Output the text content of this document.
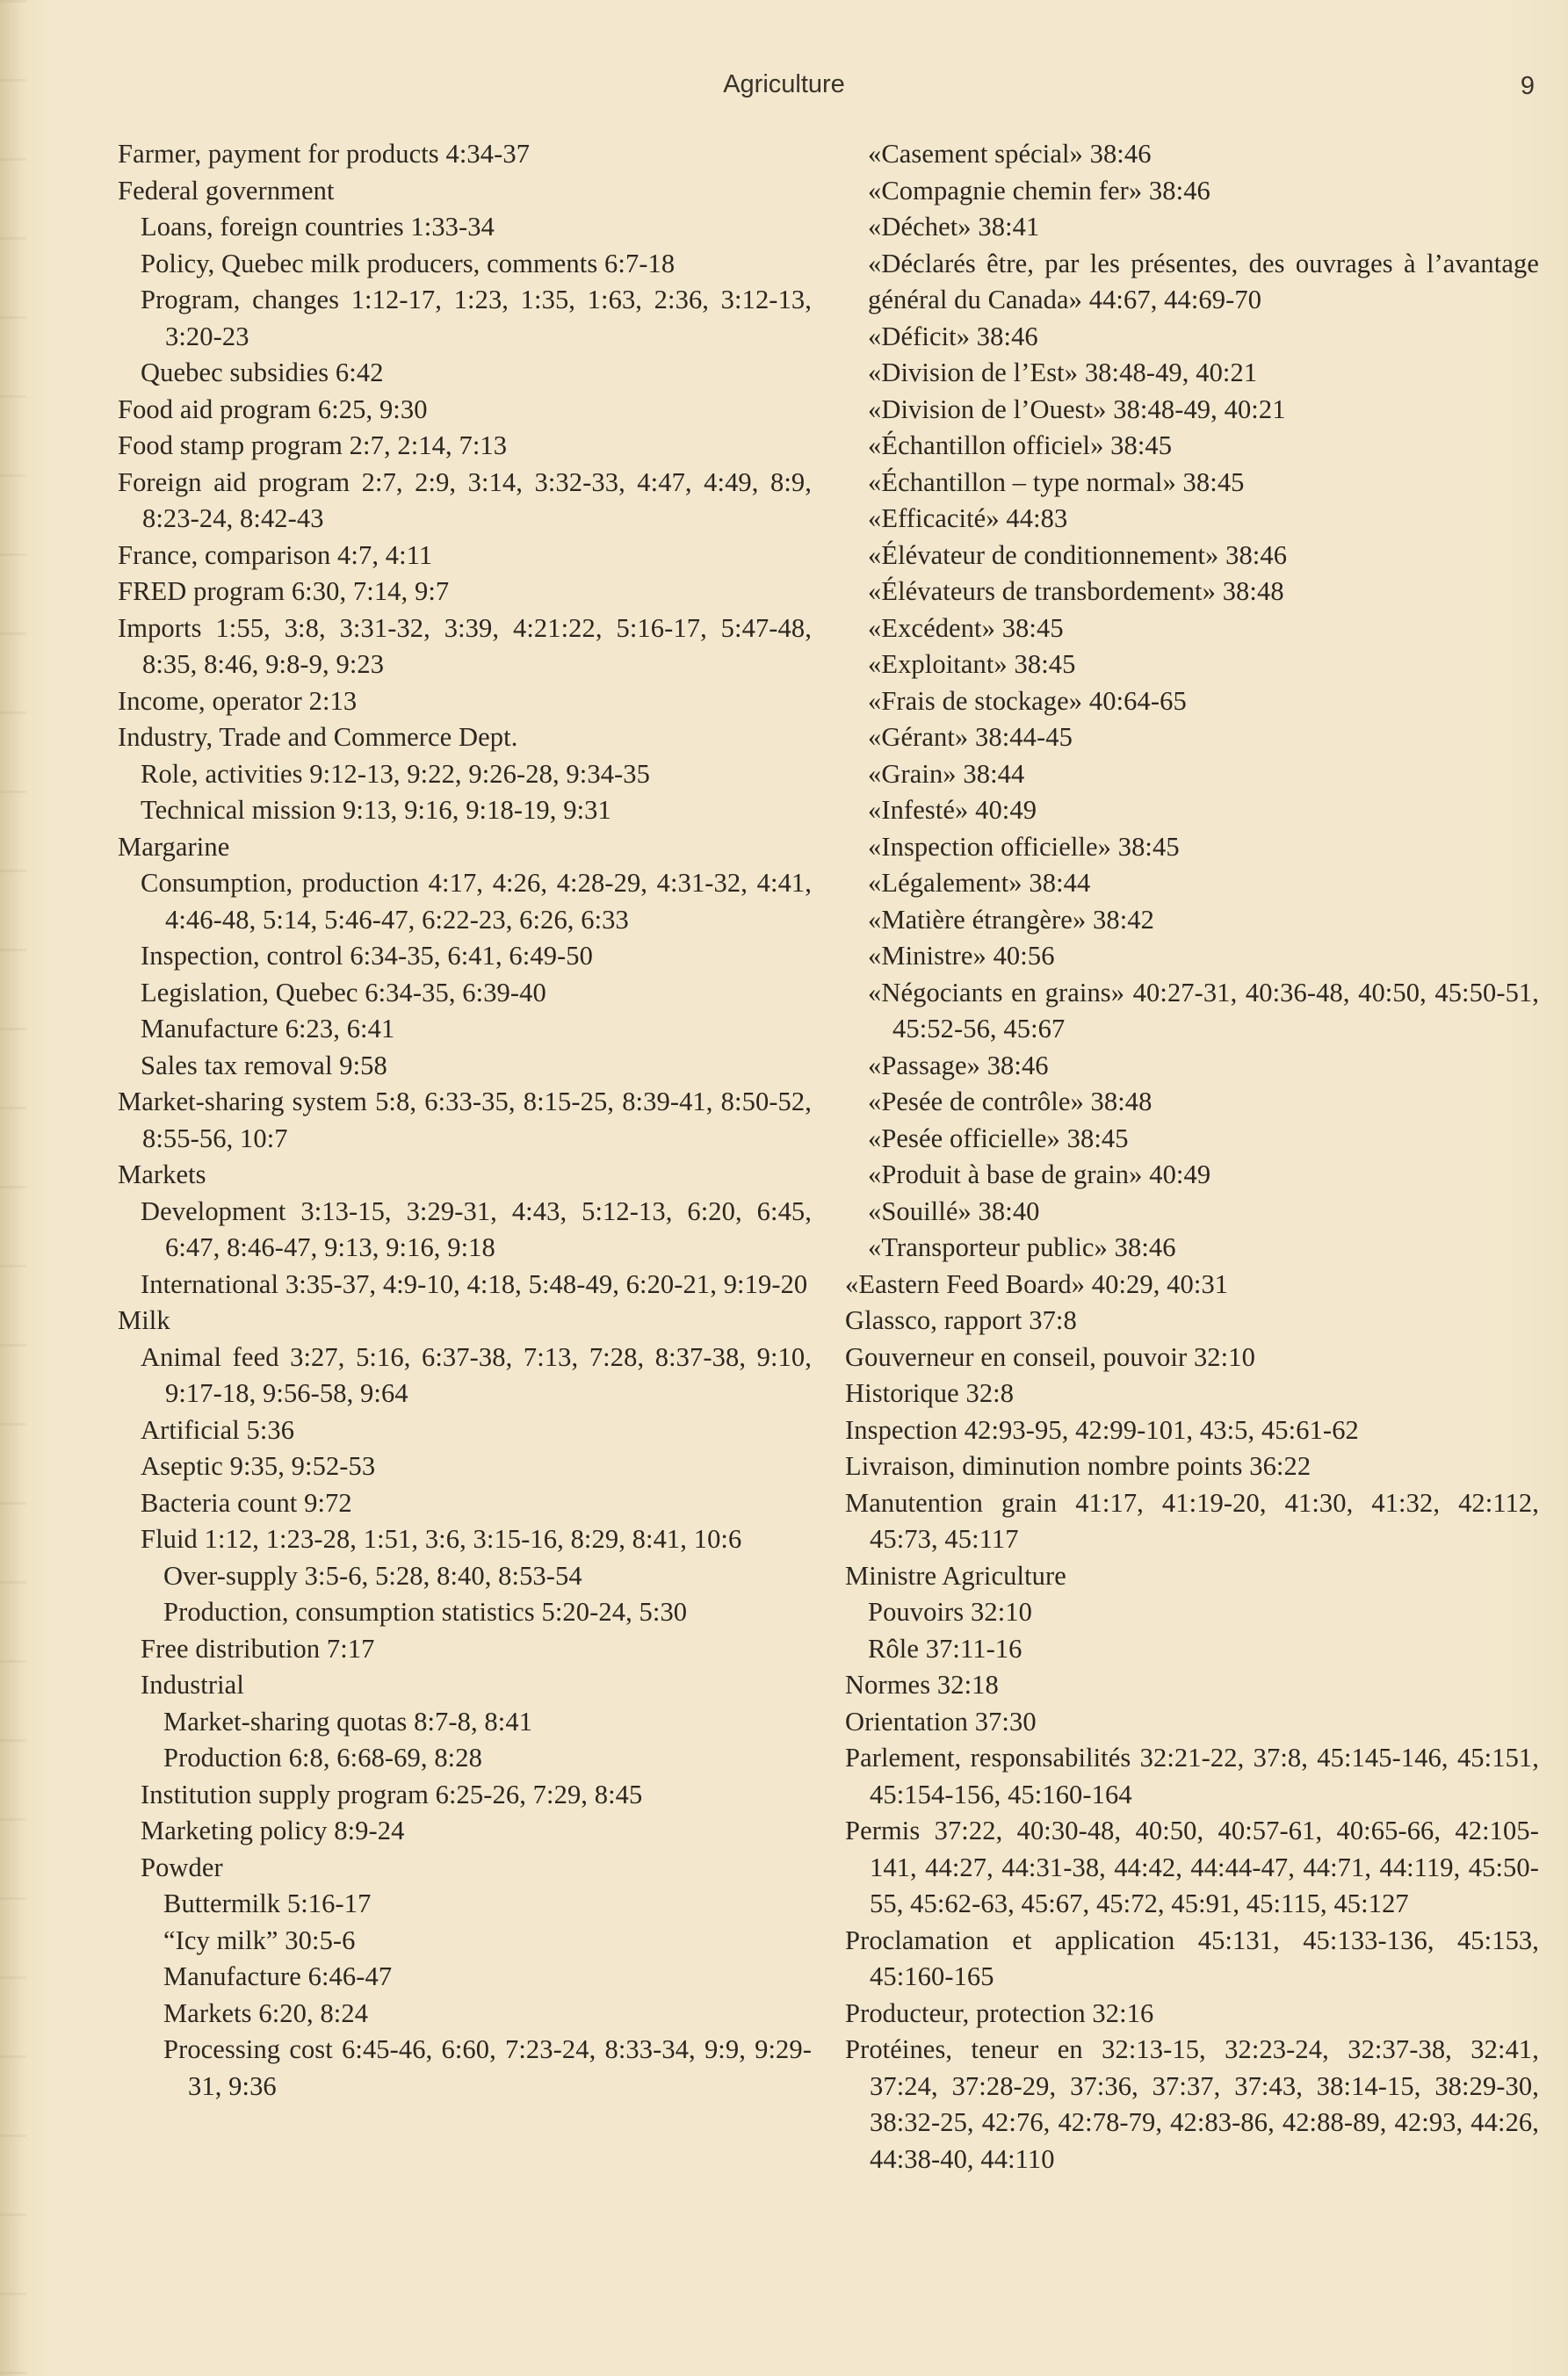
Agriculture	9
Farmer, payment for products 4:34-37
Federal government
Loans, foreign countries 1:33-34
Policy, Quebec milk producers, comments 6:7-18
Program, changes 1:12-17, 1:23, 1:35, 1:63, 2:36, 3:12-13, 3:20-23
Quebec subsidies 6:42
Food aid program 6:25, 9:30
Food stamp program 2:7, 2:14, 7:13
Foreign aid program 2:7, 2:9, 3:14, 3:32-33, 4:47, 4:49, 8:9, 8:23-24, 8:42-43
France, comparison 4:7, 4:11
FRED program 6:30, 7:14, 9:7
Imports 1:55, 3:8, 3:31-32, 3:39, 4:21:22, 5:16-17, 5:47-48, 8:35, 8:46, 9:8-9, 9:23
Income, operator 2:13
Industry, Trade and Commerce Dept.
Role, activities 9:12-13, 9:22, 9:26-28, 9:34-35
Technical mission 9:13, 9:16, 9:18-19, 9:31
Margarine
Consumption, production 4:17, 4:26, 4:28-29, 4:31-32, 4:41, 4:46-48, 5:14, 5:46-47, 6:22-23, 6:26, 6:33
Inspection, control 6:34-35, 6:41, 6:49-50
Legislation, Quebec 6:34-35, 6:39-40
Manufacture 6:23, 6:41
Sales tax removal 9:58
Market-sharing system 5:8, 6:33-35, 8:15-25, 8:39-41, 8:50-52, 8:55-56, 10:7
Markets
Development 3:13-15, 3:29-31, 4:43, 5:12-13, 6:20, 6:45, 6:47, 8:46-47, 9:13, 9:16, 9:18
International 3:35-37, 4:9-10, 4:18, 5:48-49, 6:20-21, 9:19-20
Milk
Animal feed 3:27, 5:16, 6:37-38, 7:13, 7:28, 8:37-38, 9:10, 9:17-18, 9:56-58, 9:64
Artificial 5:36
Aseptic 9:35, 9:52-53
Bacteria count 9:72
Fluid 1:12, 1:23-28, 1:51, 3:6, 3:15-16, 8:29, 8:41, 10:6
Over-supply 3:5-6, 5:28, 8:40, 8:53-54
Production, consumption statistics 5:20-24, 5:30
Free distribution 7:17
Industrial
Market-sharing quotas 8:7-8, 8:41
Production 6:8, 6:68-69, 8:28
Institution supply program 6:25-26, 7:29, 8:45
Marketing policy 8:9-24
Powder
Buttermilk 5:16-17
“Icy milk” 30:5-6
Manufacture 6:46-47
Markets 6:20, 8:24
Processing cost 6:45-46, 6:60, 7:23-24, 8:33-34, 9:9, 9:29-31, 9:36
«Casement spécial» 38:46
«Compagnie chemin fer» 38:46
«Déchet» 38:41
«Déclarés être, par les présentes, des ouvrages à l’avantage général du Canada» 44:67, 44:69-70
«Déficit» 38:46
«Division de l’Est» 38:48-49, 40:21
«Division de l’Ouest» 38:48-49, 40:21
«Échantillon officiel» 38:45
«Échantillon – type normal» 38:45
«Efficacité» 44:83
«Élévateur de conditionnement» 38:46
«Élévateurs de transbordement» 38:48
«Excédent» 38:45
«Exploitant» 38:45
«Frais de stockage» 40:64-65
«Gérant» 38:44-45
«Grain» 38:44
«Infesté» 40:49
«Inspection officielle» 38:45
«Légalement» 38:44
«Matière étrangère» 38:42
«Ministre» 40:56
«Négociants en grains» 40:27-31, 40:36-48, 40:50, 45:50-51, 45:52-56, 45:67
«Passage» 38:46
«Pesée de contrôle» 38:48
«Pesée officielle» 38:45
«Produit à base de grain» 40:49
«Souillé» 38:40
«Transporteur public» 38:46
«Eastern Feed Board» 40:29, 40:31
Glassco, rapport 37:8
Gouverneur en conseil, pouvoir 32:10
Historique 32:8
Inspection 42:93-95, 42:99-101, 43:5, 45:61-62
Livraison, diminution nombre points 36:22
Manutention grain 41:17, 41:19-20, 41:30, 41:32, 42:112, 45:73, 45:117
Ministre Agriculture
Pouvoirs 32:10
Rôle 37:11-16
Normes 32:18
Orientation 37:30
Parlement, responsabilités 32:21-22, 37:8, 45:145-146, 45:151, 45:154-156, 45:160-164
Permis 37:22, 40:30-48, 40:50, 40:57-61, 40:65-66, 42:105-141, 44:27, 44:31-38, 44:42, 44:44-47, 44:71, 44:119, 45:50-55, 45:62-63, 45:67, 45:72, 45:91, 45:115, 45:127
Proclamation et application 45:131, 45:133-136, 45:153, 45:160-165
Producteur, protection 32:16
Protéines, teneur en 32:13-15, 32:23-24, 32:37-38, 32:41, 37:24, 37:28-29, 37:36, 37:37, 37:43, 38:14-15, 38:29-30, 38:32-25, 42:76, 42:78-79, 42:83-86, 42:88-89, 42:93, 44:26, 44:38-40, 44:110
